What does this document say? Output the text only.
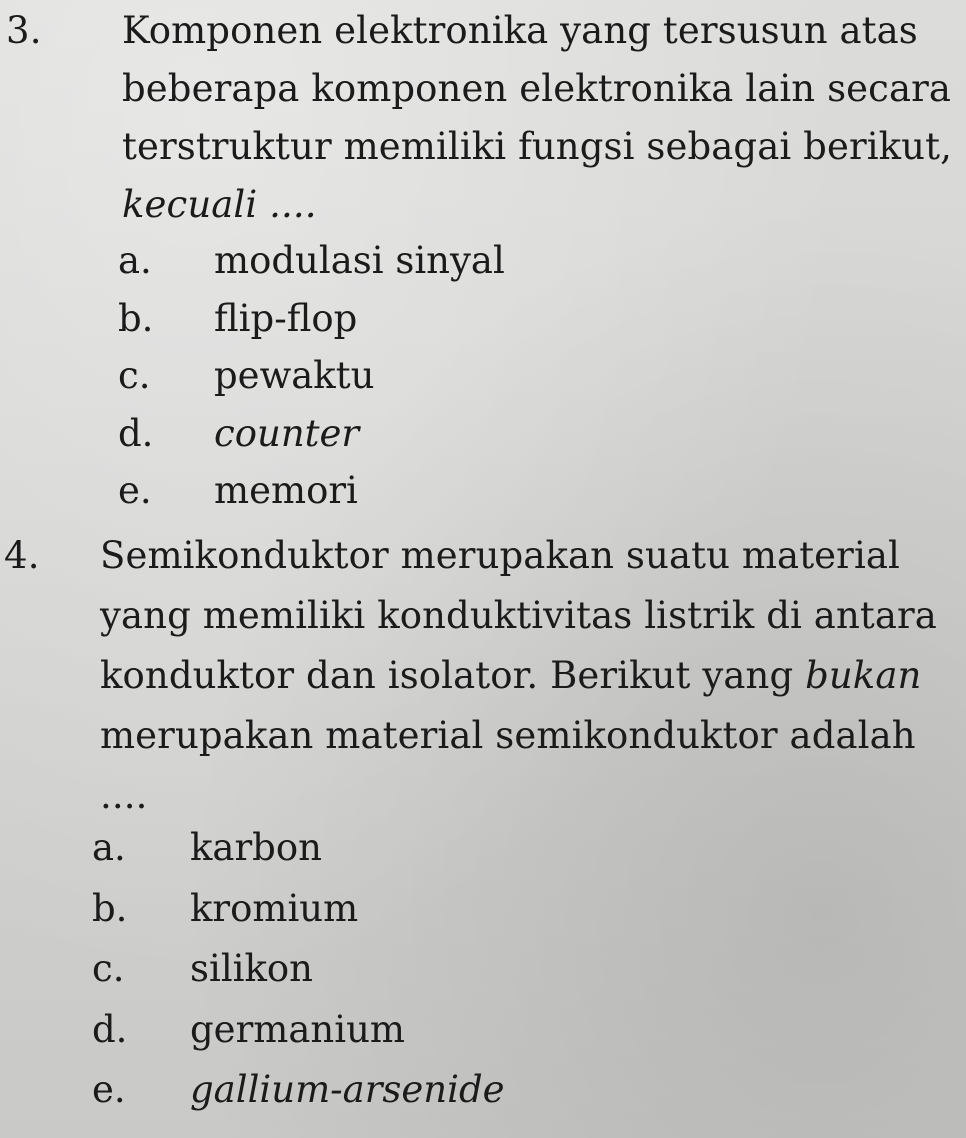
3. Komponen elektronika yang tersusun atas
beberapa komponen elektronika lain secara
terstruktur memiliki fungsi sebagai berikut,
kecuali ....
a. modulasi sinyal
b. flip-flop
c. pewaktu
d. counter
e. memori
4. Semikonduktor merupakan suatu material
yang memiliki konduktivitas listrik di antara
konduktor dan isolator. Berikut yang bukan
merupakan material semikonduktor adalah
....
a. karbon
b. kromium
c. silikon
d. germanium
e. gallium-arsenide
